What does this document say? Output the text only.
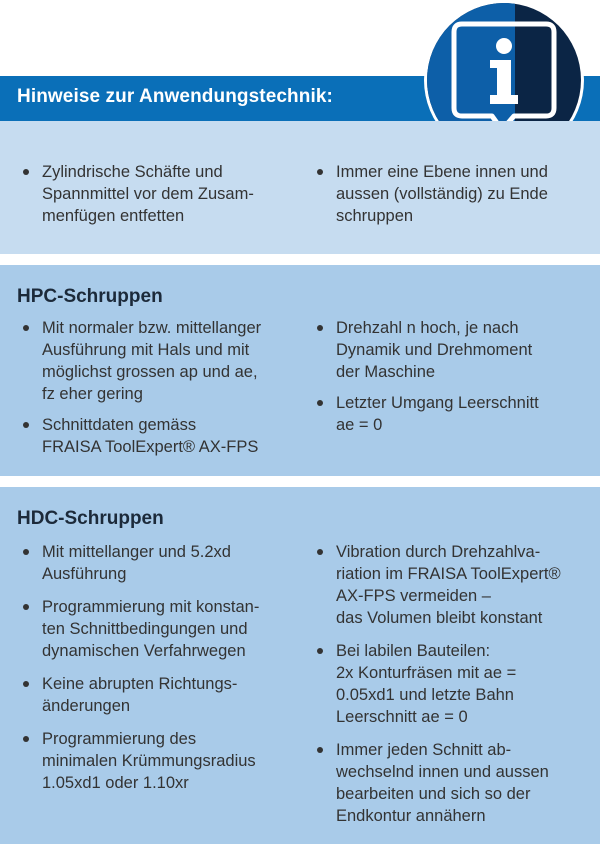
Hinweise zur Anwendungstechnik:
Zylindrische Schäfte und
Spannmittel vor dem Zusam-
menfügen entfetten
Immer eine Ebene innen und
aussen (vollständig) zu Ende
schruppen
HPC-Schruppen
Mit normaler bzw. mittellanger
Ausführung mit Hals und mit
möglichst grossen ap und ae,
fz eher gering
Schnittdaten gemäss
FRAISA ToolExpert® AX-FPS
Drehzahl n hoch, je nach
Dynamik und Drehmoment
der Maschine
Letzter Umgang Leerschnitt
ae = 0
HDC-Schruppen
Mit mittellanger und 5.2xd
Ausführung
Programmierung mit konstan-
ten Schnittbedingungen und
dynamischen Verfahrwegen
Keine abrupten Richtungs-
änderungen
Programmierung des
minimalen Krümmungsradius
1.05xd1 oder 1.10xr
Vibration durch Drehzahlva-
riation im FRAISA ToolExpert®
AX-FPS vermeiden –
das Volumen bleibt konstant
Bei labilen Bauteilen:
2x Konturfräsen mit ae =
0.05xd1 und letzte Bahn
Leerschnitt ae = 0
Immer jeden Schnitt ab-
wechselnd innen und aussen
bearbeiten und sich so der
Endkontur annähern
